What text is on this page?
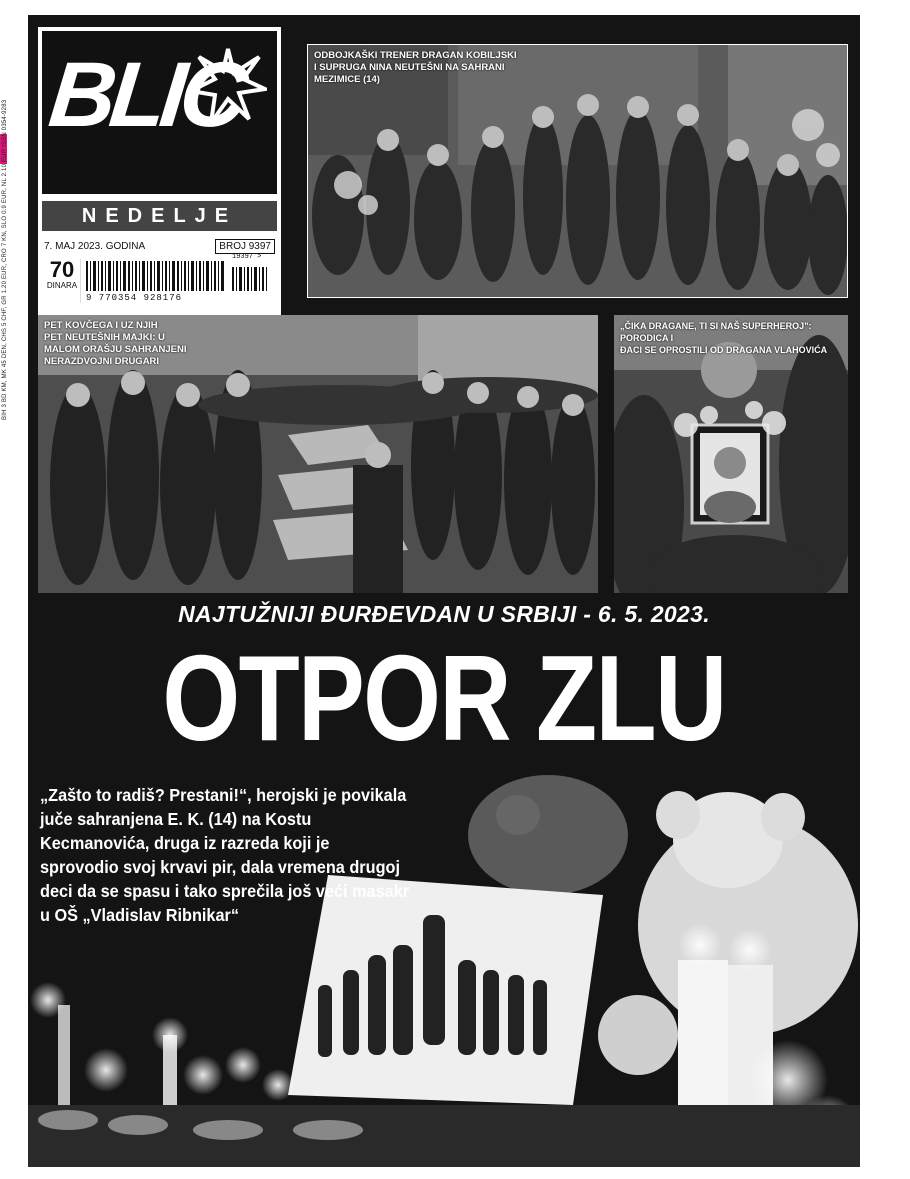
BIH 3 BD KM, MK 45 DEN, CHS 5 CHF, GR 1.20 EUR, CRO 7 KN, SLO 0.9 EUR, NL 2.10 EUR ISSN 0354-9283
ODBOJKAŠKI TRENER DRAGAN KOBILJSKI
I SUPRUGA NINA NEUTEŠNI NA SAHRANI
MEZIMICE (14)
BLIC
NEDELJE
7. MAJ 2023. GODINA	BROJ 9397
70
DINARA
9 770354 928176
19397 >
PET KOVČEGA I UZ NJIH
PET NEUTEŠNIH MAJKI: U
MALOM ORAŠJU SAHRANJENI
NERAZDVOJNI DRUGARI
„ČIKA DRAGANE, TI SI NAŠ SUPERHEROJ": PORODICA I
ĐACI SE OPROSTILI OD DRAGANA VLAHOVIĆA
NAJTUŽNIJI ĐURĐEVDAN U SRBIJI - 6. 5. 2023.
OTPOR ZLU
„Zašto to radiš? Prestani!“, herojski je povikala juče sahranjena E. K. (14) na Kostu Kecmanovića, druga iz razreda koji je sprovodio svoj krvavi pir, dala vremena drugoj deci da se spasu i tako sprečila još veći masakr u OŠ „Vladislav Ribnikar“
